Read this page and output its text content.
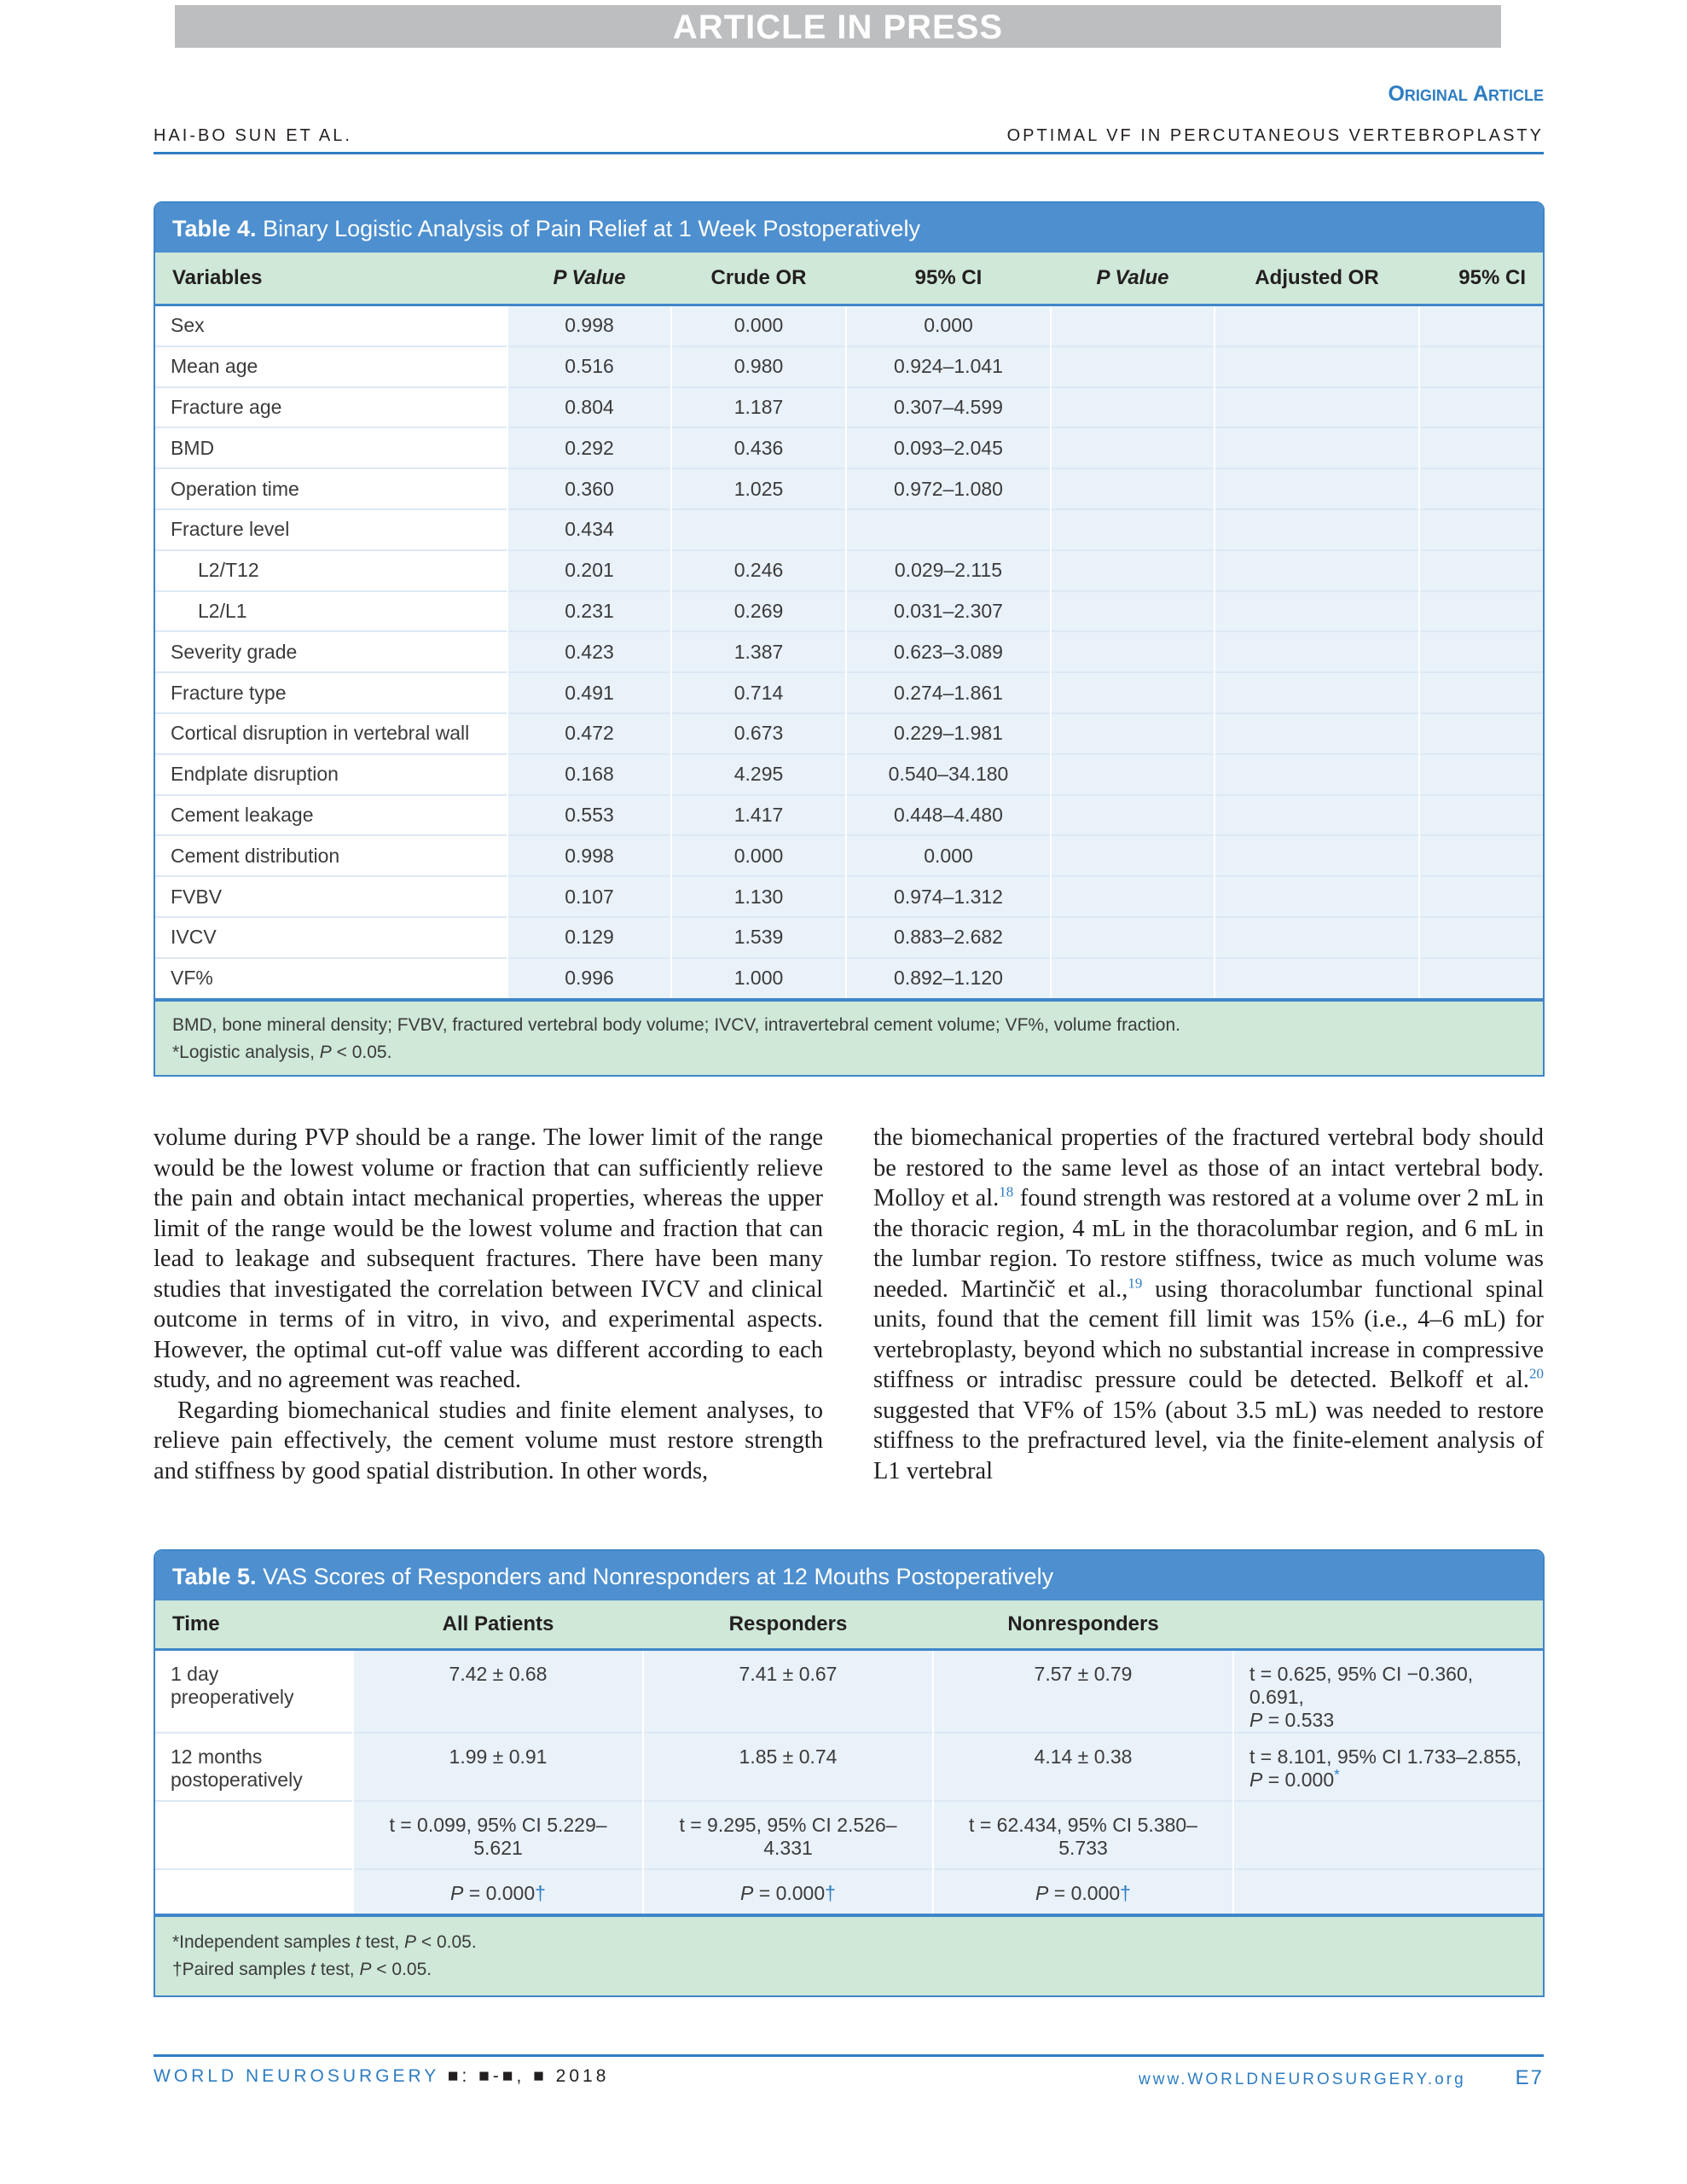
ARTICLE IN PRESS
Original Article
HAI-BO SUN ET AL.	OPTIMAL VF IN PERCUTANEOUS VERTEBROPLASTY
Table 4. Binary Logistic Analysis of Pain Relief at 1 Week Postoperatively
Variables	P Value	Crude OR	95% CI	P Value	Adjusted OR	95% CI
Sex	0.998	0.000	0.000			
Mean age	0.516	0.980	0.924–1.041			
Fracture age	0.804	1.187	0.307–4.599			
BMD	0.292	0.436	0.093–2.045			
Operation time	0.360	1.025	0.972–1.080			
Fracture level	0.434					
L2/T12	0.201	0.246	0.029–2.115			
L2/L1	0.231	0.269	0.031–2.307			
Severity grade	0.423	1.387	0.623–3.089			
Fracture type	0.491	0.714	0.274–1.861			
Cortical disruption in vertebral wall	0.472	0.673	0.229–1.981			
Endplate disruption	0.168	4.295	0.540–34.180			
Cement leakage	0.553	1.417	0.448–4.480			
Cement distribution	0.998	0.000	0.000			
FVBV	0.107	1.130	0.974–1.312			
IVCV	0.129	1.539	0.883–2.682			
VF%	0.996	1.000	0.892–1.120			
BMD, bone mineral density; FVBV, fractured vertebral body volume; IVCV, intravertebral cement volume; VF%, volume fraction.
*Logistic analysis, P < 0.05.

volume during PVP should be a range. The lower limit of the range would be the lowest volume or fraction that can sufficiently relieve the pain and obtain intact mechanical properties, whereas the upper limit of the range would be the lowest volume and fraction that can lead to leakage and subsequent fractures. There have been many studies that investigated the correlation between IVCV and clinical outcome in terms of in vitro, in vivo, and experimental aspects. However, the optimal cut-off value was different according to each study, and no agreement was reached.

Regarding biomechanical studies and finite element analyses, to relieve pain effectively, the cement volume must restore strength and stiffness by good spatial distribution. In other words,

the biomechanical properties of the fractured vertebral body should be restored to the same level as those of an intact vertebral body. Molloy et al.$^{18}$ found strength was restored at a volume over 2 mL in the thoracic region, 4 mL in the thoracolumbar region, and 6 mL in the lumbar region. To restore stiffness, twice as much volume was needed. Martinčič et al.,$^{19}$ using thoracolumbar functional spinal units, found that the cement fill limit was 15% (i.e., 4–6 mL) for vertebroplasty, beyond which no substantial increase in compressive stiffness or intradisc pressure could be detected. Belkoff et al.$^{20}$ suggested that VF% of 15% (about 3.5 mL) was needed to restore stiffness to the prefractured level, via the finite-element analysis of L1 vertebral

Table 5. VAS Scores of Responders and Nonresponders at 12 Mouths Postoperatively
Time	All Patients	Responders	Nonresponders	
1 day preoperatively	7.42 ± 0.68	7.41 ± 0.67	7.57 ± 0.79	t = 0.625, 95% CI −0.360, 0.691,
P = 0.533

12 months postoperatively	1.99 ± 0.91	1.85 ± 0.74	4.14 ± 0.38	t = 8.101, 95% CI 1.733–2.855,
P = 0.000*

	t = 0.099, 95% CI 5.229–5.621	t = 9.295, 95% CI 2.526–4.331	t = 62.434, 95% CI 5.380–5.733	
	P = 0.000†	P = 0.000†	P = 0.000†	
*Independent samples t test, P < 0.05.
†Paired samples t test, P < 0.05.
WORLD NEUROSURGERY ■: ■-■, ■ 2018	www.WORLDNEUROSURGERY.org E7
